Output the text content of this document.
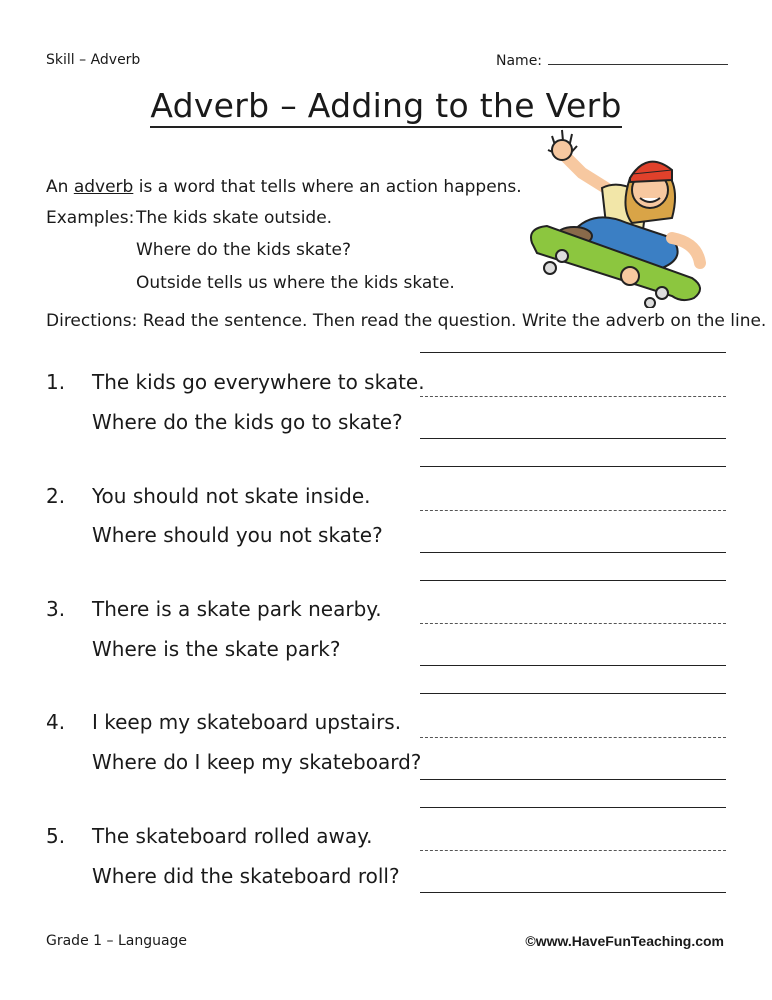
Skill – Adverb	Name:
Adverb – Adding to the Verb
An adverb is a word that tells where an action happens.
Examples: The kids skate outside.
Where do the kids skate?
Outside tells us where the kids skate.
Directions: Read the sentence. Then read the question. Write the adverb on the line.
1. The kids go everywhere to skate.
Where do the kids go to skate?
2. You should not skate inside.
Where should you not skate?
3. There is a skate park nearby.
Where is the skate park?
4. I keep my skateboard upstairs.
Where do I keep my skateboard?
5. The skateboard rolled away.
Where did the skateboard roll?
Grade 1 – Language	©www.HaveFunTeaching.com
